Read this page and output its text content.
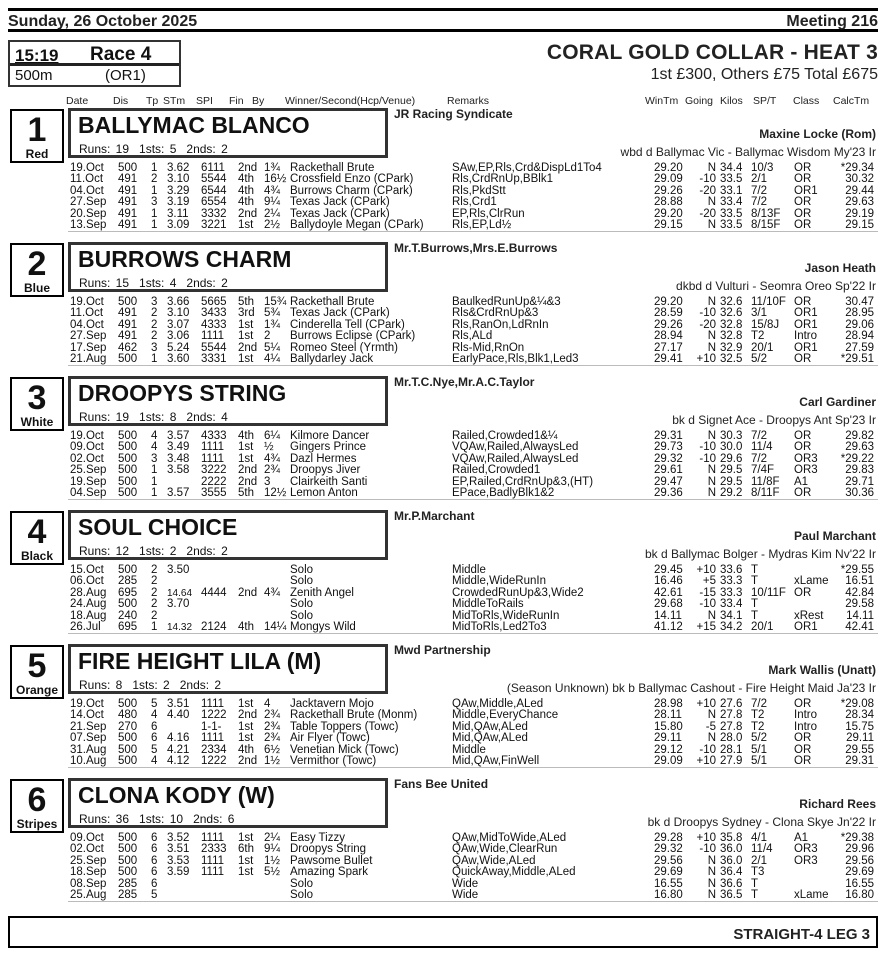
Sunday, 26 October 2025	Meeting 216
15:19 Race 4
500m	(OR1)
CORAL GOLD COLLAR - HEAT 3
1st £300, Others £75 Total £675
Date Dis Tp STm SPI Fin By Winner/Second(Hcp/Venue)	Remarks	WinTm Going Kilos SP/T Class CalcTm
1
Red
BALLYMAC BLANCO
Runs: 19 1sts: 5 2nds: 2
JR Racing Syndicate
Maxine Locke (Rom)
wbd d Ballymac Vic - Ballymac Wisdom My'23 Ir
19.Oct 500 1 3.62 6111 2nd 1¾ Rackethall Brute	SAw,EP,Rls,Crd&DispLd1To4	29.20	N 34.4 10/3 OR	*29.34
11.Oct 491 2 3.10 5544 4th 16½ Crossfield Enzo (CPark)	Rls,CrdRnUp,BBlk1	29.09	-10 33.5 2/1 OR	30.32
04.Oct 491 1 3.29 6544 4th 4¾ Burrows Charm (CPark)	Rls,PkdStt	29.26	-20 33.1 7/2 OR1	29.44
27.Sep 491 3 3.19 6554 4th 9¼ Texas Jack (CPark)	Rls,Crd1	28.88	N 33.4 7/2 OR	29.63
20.Sep 491 1 3.11 3332 2nd 2¼ Texas Jack (CPark)	EP,Rls,ClrRun	29.20	-20 33.5 8/13F OR	29.19
13.Sep 491 1 3.09 3221 1st 2½ Ballydoyle Megan (CPark) Rls,EP,Ld½	29.15	N 33.5 8/15F OR	29.15
2
Blue
BURROWS CHARM
Runs: 15 1sts: 4 2nds: 2
Mr.T.Burrows,Mrs.E.Burrows
Jason Heath
dkbd d Vulturi - Seomra Oreo Sp'22 Ir
19.Oct 500 3 3.66 5665 5th 15¾ Rackethall Brute	BaulkedRunUp&¼&3	29.20	N 32.6 11/10F OR	30.47
11.Oct 491 2 3.10 3433 3rd 5¾ Texas Jack (CPark)	Rls&CrdRnUp&3	28.59	-10 32.6 3/1 OR1	28.95
04.Oct 491 2 3.07 4333 1st 1¾ Cinderella Tell (CPark)	Rls,RanOn,LdRnIn	29.26	-20 32.8 15/8J OR1	29.06
27.Sep 491 2 3.06 1111 1st 2 Burrows Eclipse (CPark)	Rls,ALd	28.94	N 32.8 T2	Intro	28.94
17.Sep 462 3 5.24 5544 2nd 5¼ Romeo Steel (Yrmth)	Rls-Mid,RnOn	27.17	N 32.9 20/1 OR1	27.59
21.Aug 500 1 3.60 3331 1st 4¼ Ballydarley Jack	EarlyPace,Rls,Blk1,Led3	29.41	+10 32.5 5/2 OR	*29.51
3
White
DROOPYS STRING
Runs: 19 1sts: 8 2nds: 4
Mr.T.C.Nye,Mr.A.C.Taylor
Carl Gardiner
bk d Signet Ace - Droopys Ant Sp'23 Ir
19.Oct 500 4 3.57 4333 4th 6¼ Kilmore Dancer	Railed,Crowded1&¼	29.31	N 30.3 7/2 OR	29.82
09.Oct 500 4 3.49 1111 1st ½ Gingers Prince	VQAw,Railed,AlwaysLed	29.73	-10 30.0 11/4 OR	29.63
02.Oct 500 3 3.48 1111 1st 4¾ Dazl Hermes	VQAw,Railed,AlwaysLed	29.32	-10 29.6 7/2 OR3	*29.22
25.Sep 500 1 3.58 3222 2nd 2¾ Droopys Jiver	Railed,Crowded1	29.61	N 29.5 7/4F OR3	29.83
19.Sep 500 1	2222 2nd 3 Clairkeith Santi	EP,Railed,CrdRnUp&3,(HT)	29.47	N 29.5 11/8F A1	29.71
04.Sep 500 1 3.57 3555 5th 12½ Lemon Anton	EPace,BadlyBlk1&2	29.36	N 29.2 8/11F OR	30.36
4
Black
SOUL CHOICE
Runs: 12 1sts: 2 2nds: 2
Mr.P.Marchant
Paul Marchant
bk d Ballymac Bolger - Mydras Kim Nv'22 Ir
15.Oct 500 2 3.50	Solo	Middle	29.45	+10 33.6 T	*29.55
06.Oct 285 2	Solo	Middle,WideRunIn	16.46	+5 33.3 T	xLame	16.51
28.Aug 695 2 14.64 4444 2nd 4¾ Zenith Angel	CrowdedRunUp&3,Wide2	42.61	-15 33.3 10/11F OR	42.84
24.Aug 500 2 3.70	Solo	MiddleToRails	29.68	-10 33.4 T	29.58
18.Aug 240 2	Solo	MidToRls,WideRunIn	14.11	N 34.1 T	xRest	14.11
26.Jul 695 1 14.32 2124 4th 14¼ Mongys Wild	MidToRls,Led2To3	41.12	+15 34.2 20/1 OR1	42.41
5
Orange
FIRE HEIGHT LILA (M)
Runs: 8 1sts: 2 2nds: 2
Mwd Partnership
Mark Wallis (Unatt)
(Season Unknown) bk b Ballymac Cashout - Fire Height Maid Ja'23 Ir
19.Oct 500 5 3.51 1111 1st 4 Jacktavern Mojo	QAw,Middle,ALed	28.98	+10 27.6 7/2 OR	*29.08
14.Oct 480 4 4.40 1222 2nd 2¾ Rackethall Brute (Monm)	Middle,EveryChance	28.11	N 27.8 T2	Intro	28.34
21.Sep 270 6	1-1- 1st 2¾ Table Toppers (Towc)	Mid,QAw,ALed	15.80	-5 27.8 T2	Intro	15.75
07.Sep 500 6 4.16 1111 1st 2¾ Air Flyer (Towc)	Mid,QAw,ALed	29.11	N 28.0 5/2 OR	29.11
31.Aug 500 5 4.21 2334 4th 6½ Venetian Mick (Towc)	Middle	29.12	-10 28.1 5/1 OR	29.55
10.Aug 500 4 4.12 1222 2nd 1½ Vermithor (Towc)	Mid,QAw,FinWell	29.09	+10 27.9 5/1 OR	29.31
6
Stripes
CLONA KODY (W)
Runs: 36 1sts: 10 2nds: 6
Fans Bee United
Richard Rees
bk d Droopys Sydney - Clona Skye Jn'22 Ir
09.Oct 500 6 3.52 1111 1st 2¼ Easy Tizzy	QAw,MidToWide,ALed	29.28	+10 35.8 4/1 A1	*29.38
02.Oct 500 6 3.51 2333 6th 9¼ Droopys String	QAw,Wide,ClearRun	29.32	-10 36.0 11/4 OR3	29.96
25.Sep 500 6 3.53 1111 1st 1½ Pawsome Bullet	QAw,Wide,ALed	29.56	N 36.0 2/1 OR3	29.56
18.Sep 500 6 3.59 1111 1st 5½ Amazing Spark	QuickAway,Middle,ALed	29.69	N 36.4 T3	29.69
08.Sep 285 6	Solo	Wide	16.55	N 36.6 T	16.55
25.Aug 285 5	Solo	Wide	16.80	N 36.5 T	xLame	16.80
STRAIGHT-4 LEG 3
